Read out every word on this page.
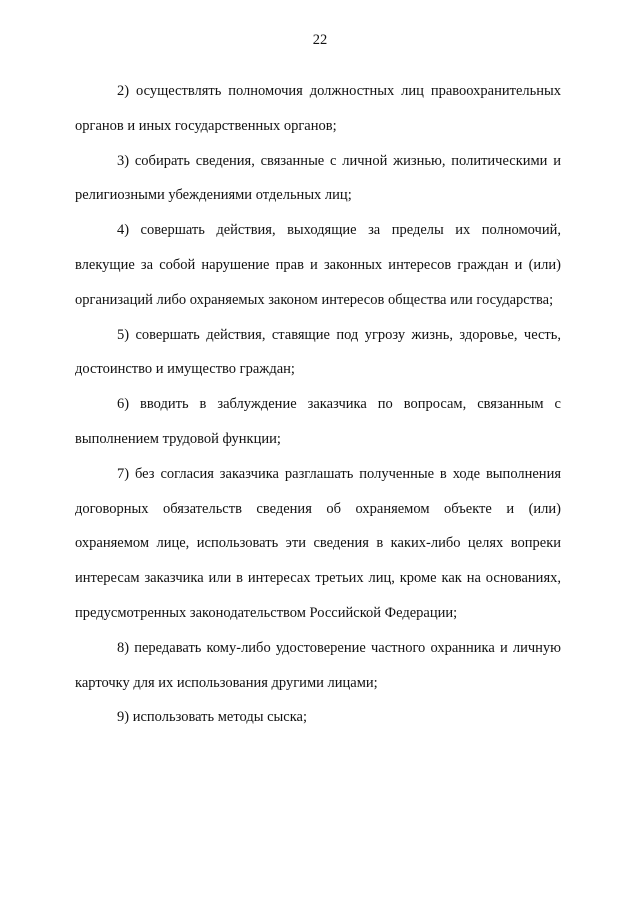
22

2) осуществлять полномочия должностных лиц правоохранительных органов и иных государственных органов;

3) собирать сведения, связанные с личной жизнью, политическими и религиозными убеждениями отдельных лиц;

4) совершать действия, выходящие за пределы их полномочий, влекущие за собой нарушение прав и законных интересов граждан и (или) организаций либо охраняемых законом интересов общества или государства;

5) совершать действия, ставящие под угрозу жизнь, здоровье, честь, достоинство и имущество граждан;

6) вводить в заблуждение заказчика по вопросам, связанным с выполнением трудовой функции;

7) без согласия заказчика разглашать полученные в ходе выполнения договорных обязательств сведения об охраняемом объекте и (или) охраняемом лице, использовать эти сведения в каких-либо целях вопреки интересам заказчика или в интересах третьих лиц, кроме как на основаниях, предусмотренных законодательством Российской Федерации;

8) передавать кому-либо удостоверение частного охранника и личную карточку для их использования другими лицами;

9) использовать методы сыска;
